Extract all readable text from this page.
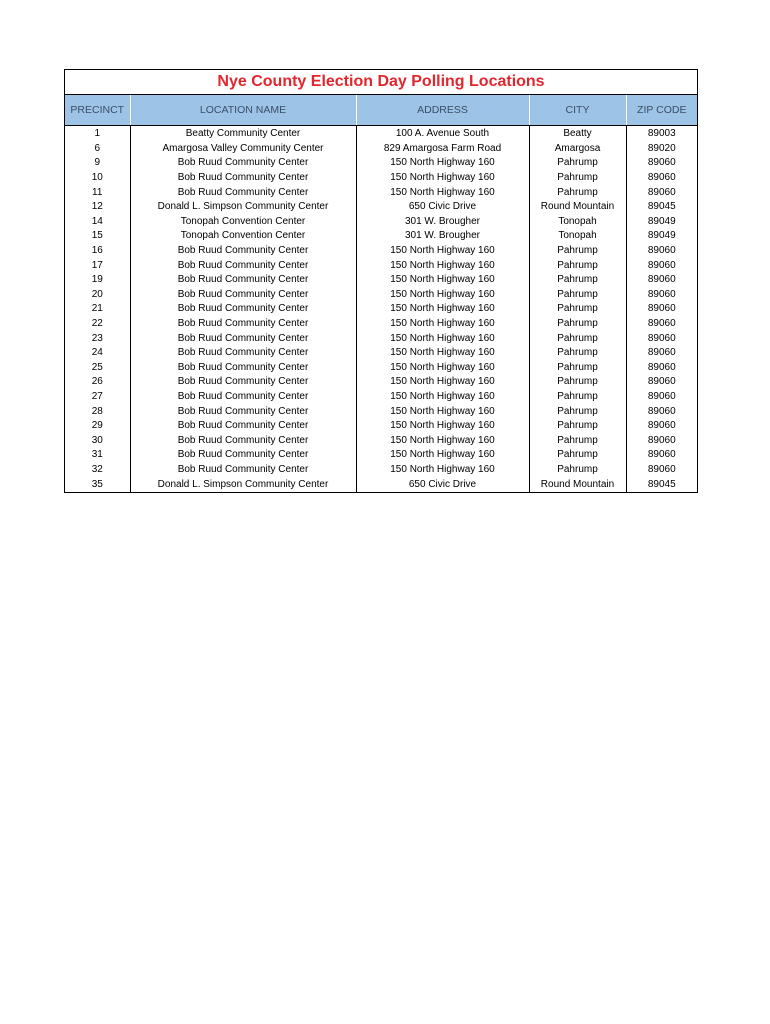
Nye County Election Day Polling Locations
PRECINCT	LOCATION NAME	ADDRESS	CITY	ZIP CODE
1	Beatty Community Center	100 A. Avenue South	Beatty	89003
6	Amargosa Valley Community Center	829 Amargosa Farm Road	Amargosa	89020
9	Bob Ruud Community Center	150 North Highway 160	Pahrump	89060
10	Bob Ruud Community Center	150 North Highway 160	Pahrump	89060
11	Bob Ruud Community Center	150 North Highway 160	Pahrump	89060
12	Donald L. Simpson Community Center	650 Civic Drive	Round Mountain	89045
14	Tonopah Convention Center	301 W. Brougher	Tonopah	89049
15	Tonopah Convention Center	301 W. Brougher	Tonopah	89049
16	Bob Ruud Community Center	150 North Highway 160	Pahrump	89060
17	Bob Ruud Community Center	150 North Highway 160	Pahrump	89060
19	Bob Ruud Community Center	150 North Highway 160	Pahrump	89060
20	Bob Ruud Community Center	150 North Highway 160	Pahrump	89060
21	Bob Ruud Community Center	150 North Highway 160	Pahrump	89060
22	Bob Ruud Community Center	150 North Highway 160	Pahrump	89060
23	Bob Ruud Community Center	150 North Highway 160	Pahrump	89060
24	Bob Ruud Community Center	150 North Highway 160	Pahrump	89060
25	Bob Ruud Community Center	150 North Highway 160	Pahrump	89060
26	Bob Ruud Community Center	150 North Highway 160	Pahrump	89060
27	Bob Ruud Community Center	150 North Highway 160	Pahrump	89060
28	Bob Ruud Community Center	150 North Highway 160	Pahrump	89060
29	Bob Ruud Community Center	150 North Highway 160	Pahrump	89060
30	Bob Ruud Community Center	150 North Highway 160	Pahrump	89060
31	Bob Ruud Community Center	150 North Highway 160	Pahrump	89060
32	Bob Ruud Community Center	150 North Highway 160	Pahrump	89060
35	Donald L. Simpson Community Center	650 Civic Drive	Round Mountain	89045
